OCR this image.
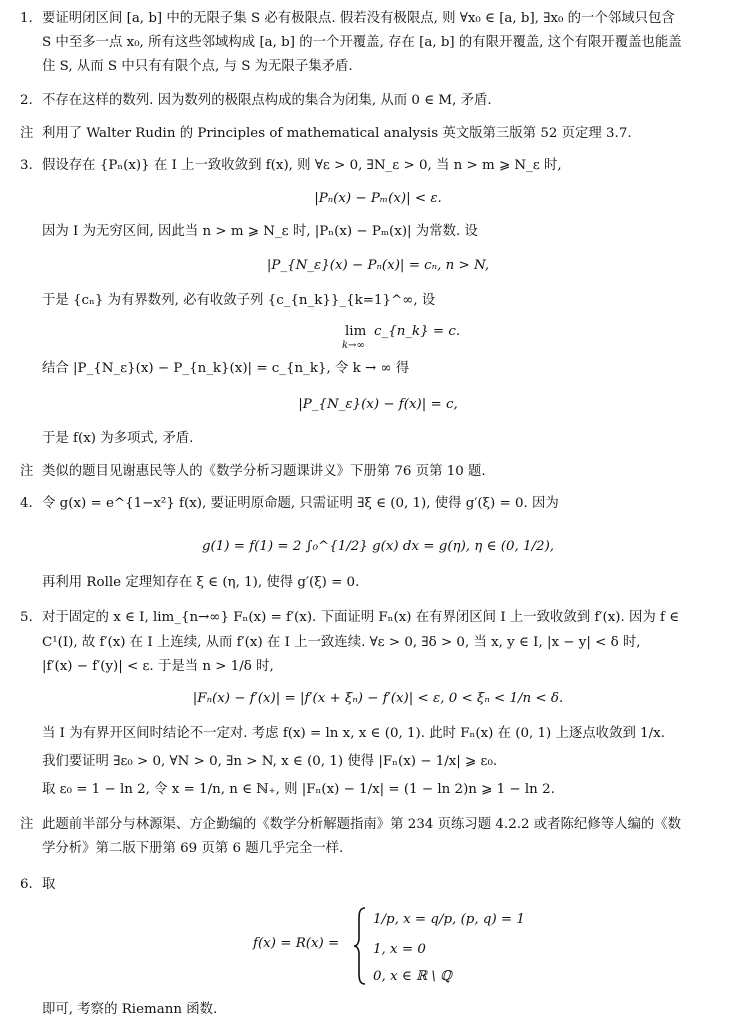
1. 要证明闭区间 [a, b] 中的无限子集 S 必有极限点. 假若没有极限点, 则 ∀x₀ ∈ [a, b], ∃x₀ 的一个邻域只包含
S 中至多一点 x₀, 所有这些邻域构成 [a, b] 的一个开覆盖, 存在 [a, b] 的有限开覆盖, 这个有限开覆盖也能盖
住 S, 从而 S 中只有有限个点, 与 S 为无限子集矛盾.
2. 不存在这样的数列. 因为数列的极限点构成的集合为闭集, 从而 0 ∈ M, 矛盾.
注 利用了 Walter Rudin 的 Principles of mathematical analysis 英文版第三版第 52 页定理 3.7.
3. 假设存在 {Pₙ(x)} 在 I 上一致收敛到 f(x), 则 ∀ε > 0, ∃N_ε > 0, 当 n > m ⩾ N_ε 时,
|Pₙ(x) − Pₘ(x)| < ε.
因为 I 为无穷区间, 因此当 n > m ⩾ N_ε 时, |Pₙ(x) − Pₘ(x)| 为常数. 设
|P_{N_ε}(x) − Pₙ(x)| = cₙ, n > N,
于是 {cₙ} 为有界数列, 必有收敛子列 {c_{n_k}}_{k=1}^∞, 设
lim
k→∞
c_{n_k} = c.
结合 |P_{N_ε}(x) − P_{n_k}(x)| = c_{n_k}, 令 k → ∞ 得
|P_{N_ε}(x) − f(x)| = c,
于是 f(x) 为多项式, 矛盾.
注 类似的题目见谢惠民等人的《数学分析习题课讲义》下册第 76 页第 10 题.
4. 令 g(x) = e^{1−x²} f(x), 要证明原命题, 只需证明 ∃ξ ∈ (0, 1), 使得 g′(ξ) = 0. 因为
g(1) = f(1) = 2 ∫₀^{1/2} g(x) dx = g(η), η ∈ (0, 1/2),
再利用 Rolle 定理知存在 ξ ∈ (η, 1), 使得 g′(ξ) = 0.
5. 对于固定的 x ∈ I, lim_{n→∞} Fₙ(x) = f′(x). 下面证明 Fₙ(x) 在有界闭区间 I 上一致收敛到 f′(x). 因为 f ∈
C¹(I), 故 f′(x) 在 I 上连续, 从而 f′(x) 在 I 上一致连续. ∀ε > 0, ∃δ > 0, 当 x, y ∈ I, |x − y| < δ 时,
|f′(x) − f′(y)| < ε. 于是当 n > 1/δ 时,
|Fₙ(x) − f′(x)| = |f′(x + ξₙ) − f′(x)| < ε, 0 < ξₙ < 1/n < δ.
当 I 为有界开区间时结论不一定对. 考虑 f(x) = ln x, x ∈ (0, 1). 此时 Fₙ(x) 在 (0, 1) 上逐点收敛到 1/x.
我们要证明 ∃ε₀ > 0, ∀N > 0, ∃n > N, x ∈ (0, 1) 使得 |Fₙ(x) − 1/x| ⩾ ε₀.
取 ε₀ = 1 − ln 2, 令 x = 1/n, n ∈ ℕ₊, 则 |Fₙ(x) − 1/x| = (1 − ln 2)n ⩾ 1 − ln 2.
注 此题前半部分与林源渠、方企勤编的《数学分析解题指南》第 234 页练习题 4.2.2 或者陈纪修等人编的《数
学分析》第二版下册第 69 页第 6 题几乎完全一样.
6. 取
f(x) = R(x) =
1/p, x = q/p, (p, q) = 1
1, x = 0
0, x ∈ ℝ \ ℚ
即可, 考察的 Riemann 函数.
